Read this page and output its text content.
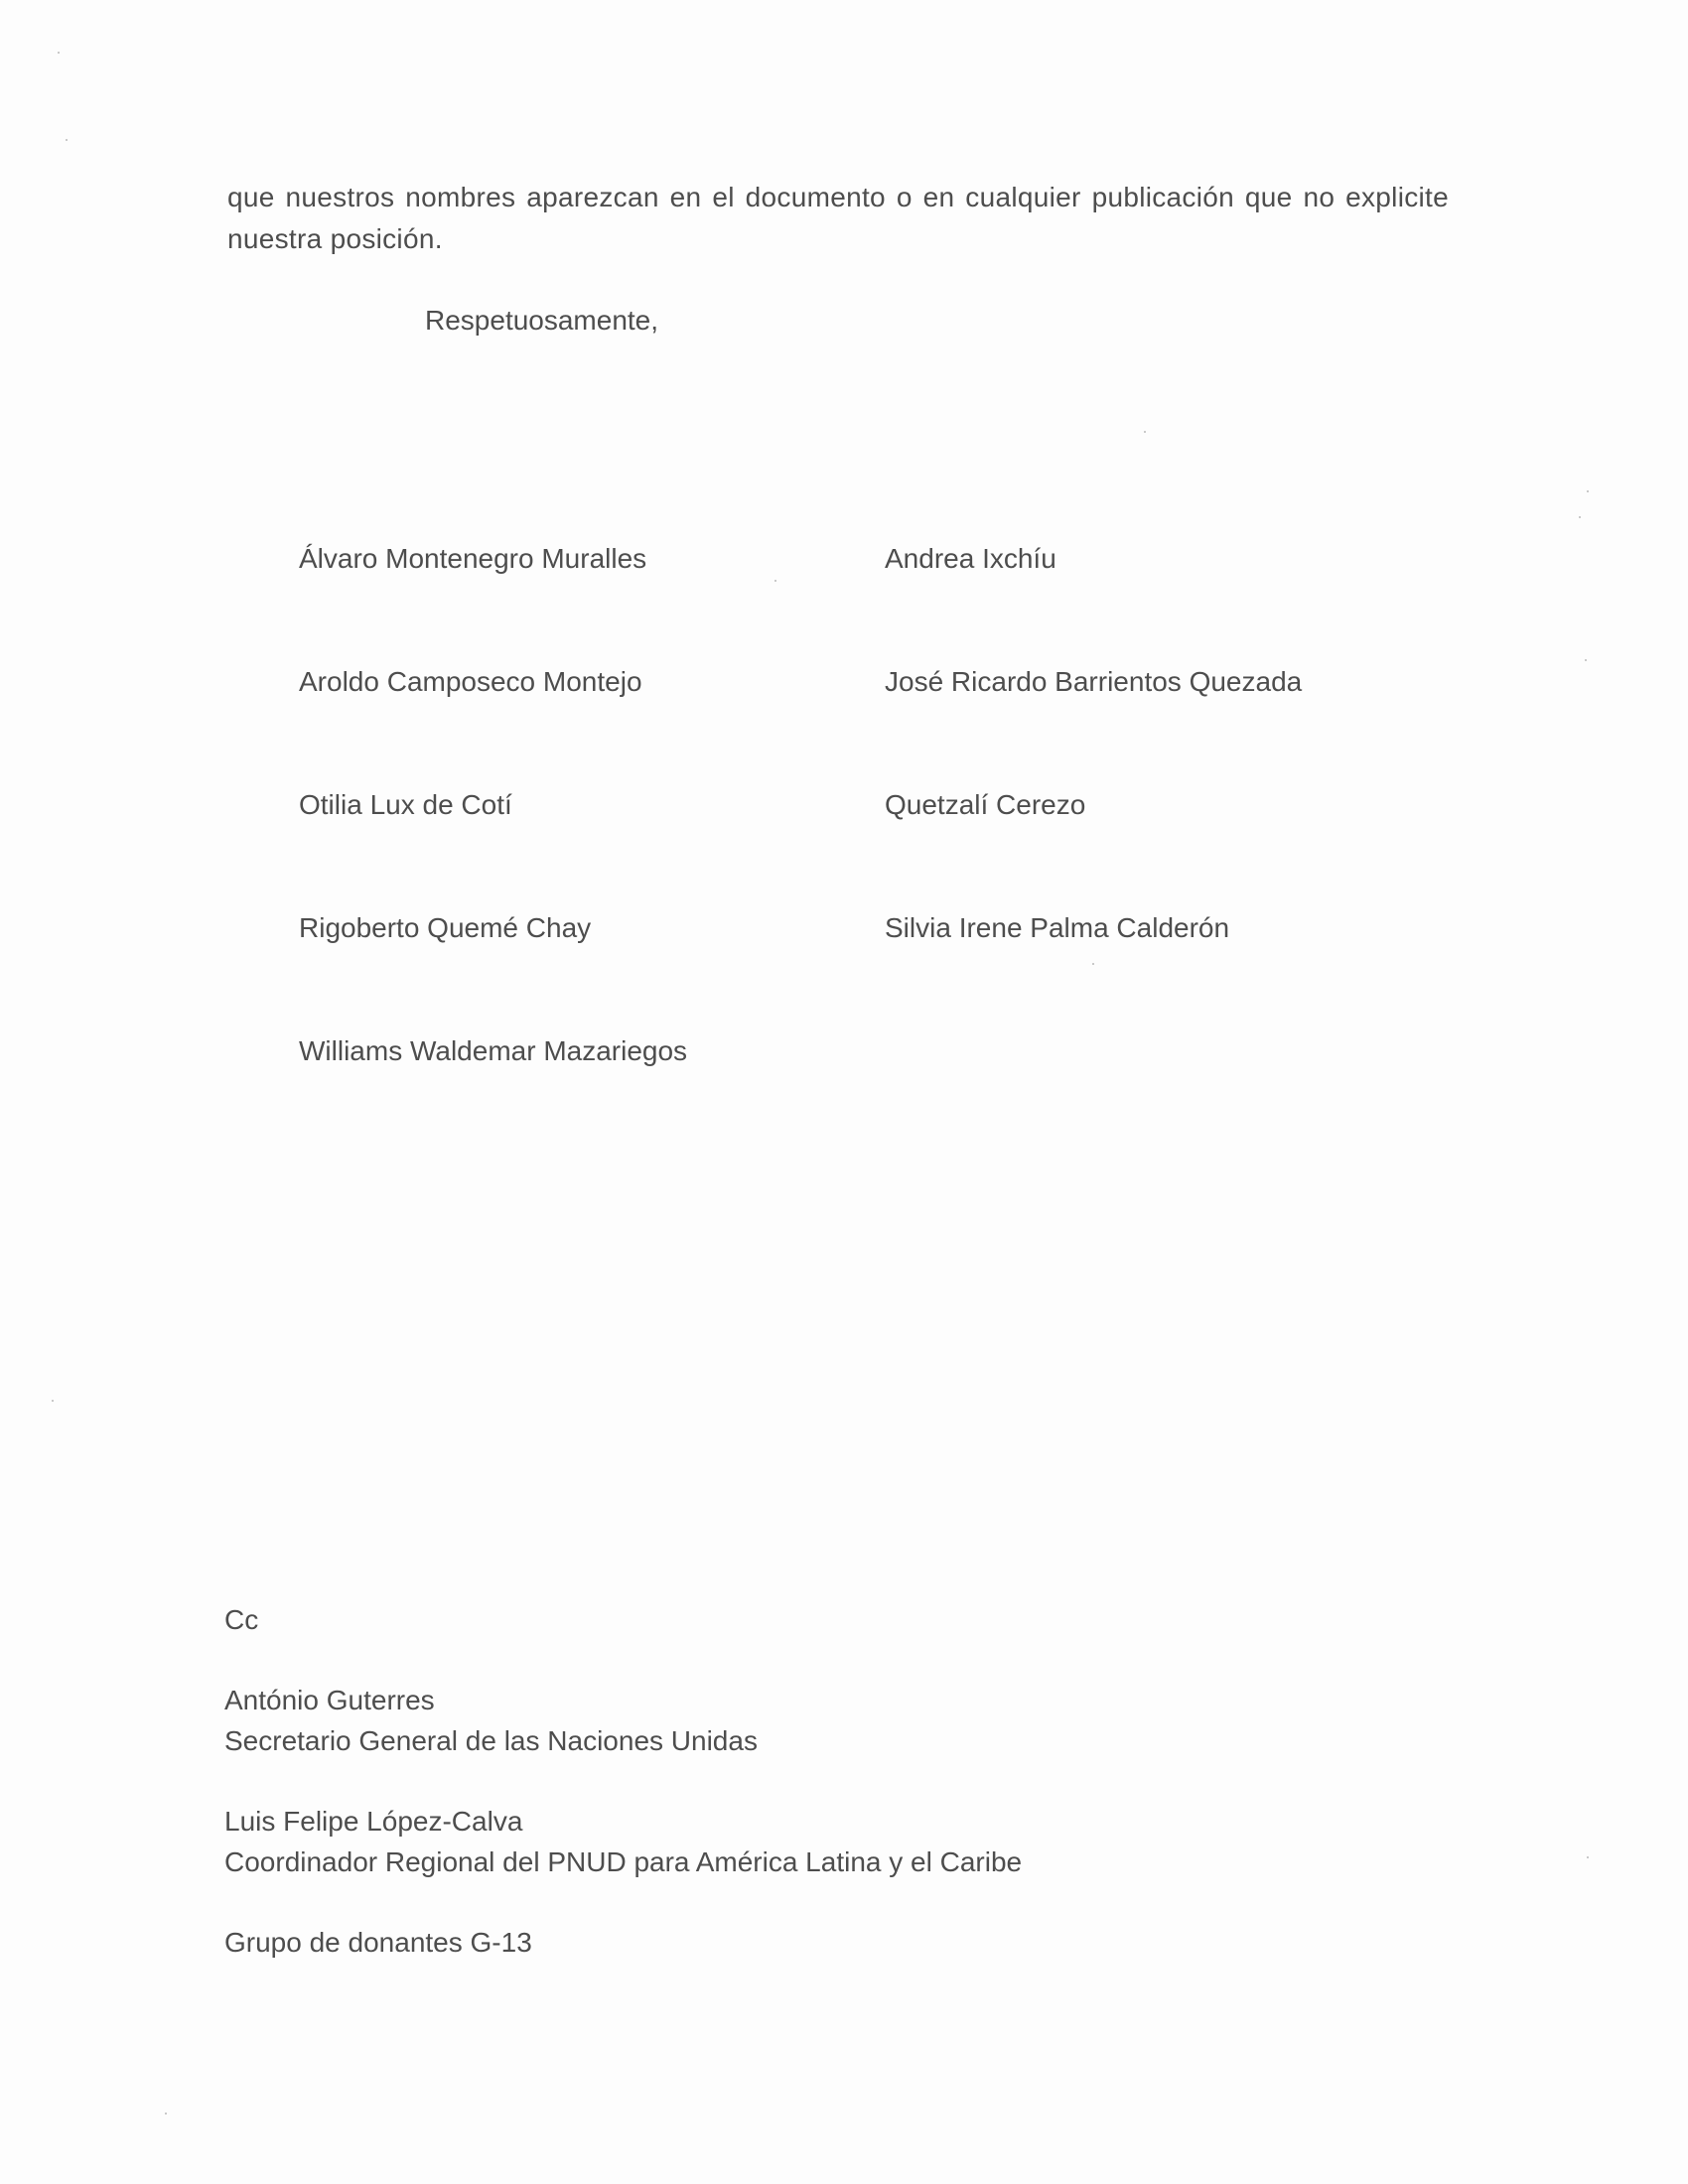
que nuestros nombres aparezcan en el documento o en cualquier publicación que no explicite nuestra posición.

Respetuosamente,

Álvaro Montenegro Muralles	Andrea Ixchíu
Aroldo Camposeco Montejo	José Ricardo Barrientos Quezada
Otilia Lux de Cotí	Quetzalí Cerezo
Rigoberto Quemé Chay	Silvia Irene Palma Calderón
Williams Waldemar Mazariegos

Cc

António Guterres

Secretario General de las Naciones Unidas

Luis Felipe López-Calva

Coordinador Regional del PNUD para América Latina y el Caribe

Grupo de donantes G-13
